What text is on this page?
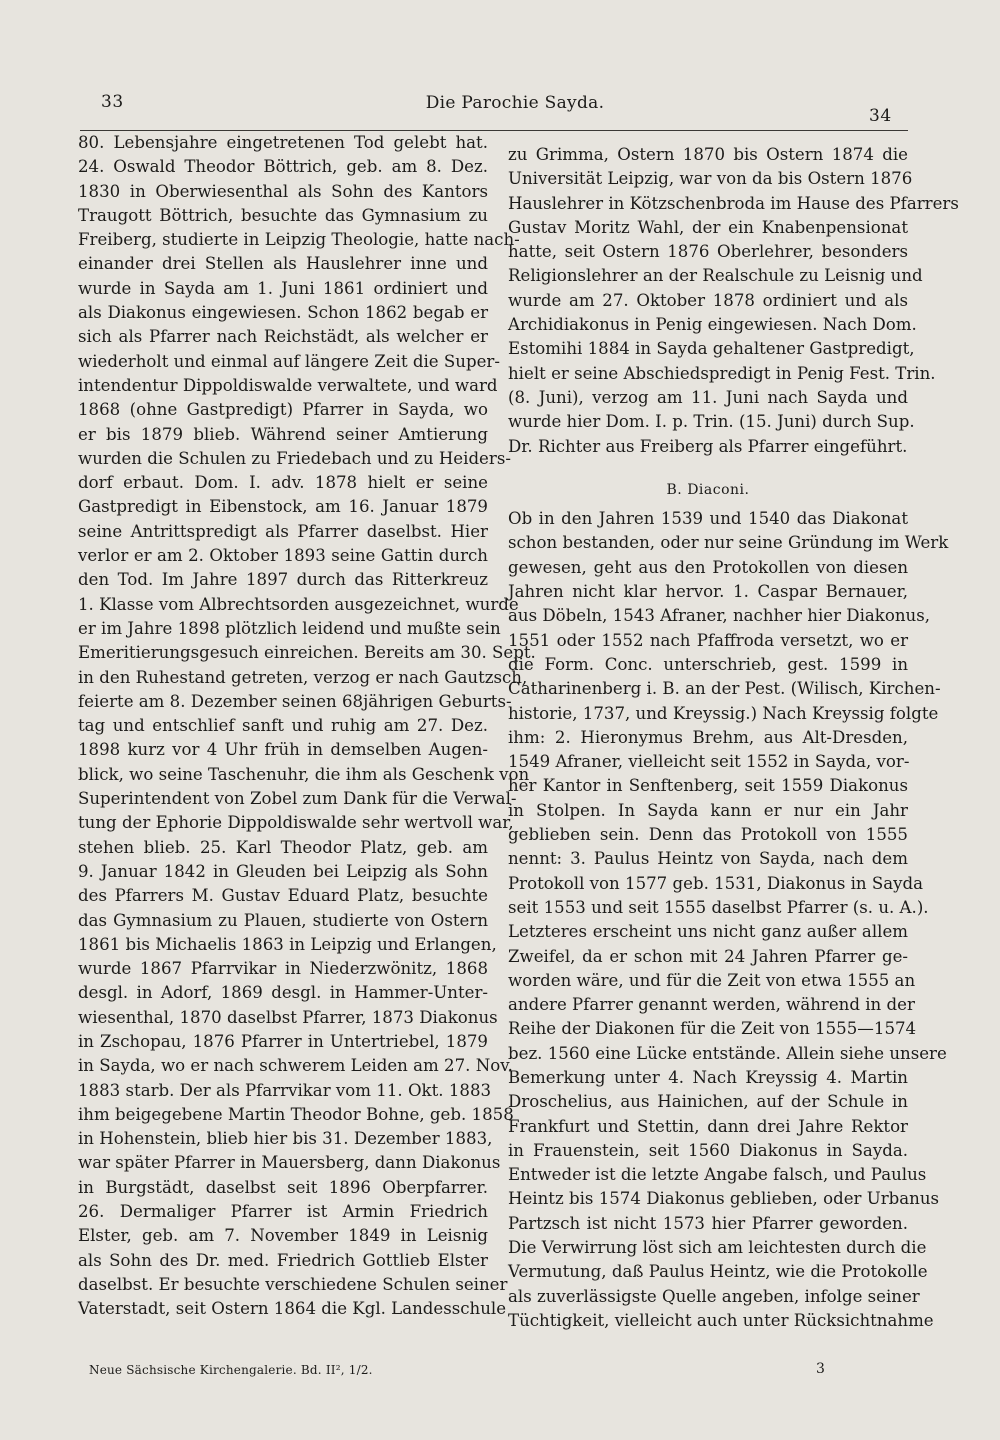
33	Die Parochie Sayda.
34
80. Lebensjahre eingetretenen Tod gelebt hat.
24. Oswald Theodor Böttrich, geb. am 8. Dez.
1830 in Oberwiesenthal als Sohn des Kantors
Traugott Böttrich, besuchte das Gymnasium zu
Freiberg, studierte in Leipzig Theologie, hatte nach-
einander drei Stellen als Hauslehrer inne und
wurde in Sayda am 1. Juni 1861 ordiniert und
als Diakonus eingewiesen. Schon 1862 begab er
sich als Pfarrer nach Reichstädt, als welcher er
wiederholt und einmal auf längere Zeit die Super-
intendentur Dippoldiswalde verwaltete, und ward
1868 (ohne Gastpredigt) Pfarrer in Sayda, wo
er bis 1879 blieb. Während seiner Amtierung
wurden die Schulen zu Friedebach und zu Heiders-
dorf erbaut. Dom. I. adv. 1878 hielt er seine
Gastpredigt in Eibenstock, am 16. Januar 1879
seine Antrittspredigt als Pfarrer daselbst. Hier
verlor er am 2. Oktober 1893 seine Gattin durch
den Tod. Im Jahre 1897 durch das Ritterkreuz
1. Klasse vom Albrechtsorden ausgezeichnet, wurde
er im Jahre 1898 plötzlich leidend und mußte sein
Emeritierungsgesuch einreichen. Bereits am 30. Sept.
in den Ruhestand getreten, verzog er nach Gautzsch,
feierte am 8. Dezember seinen 68jährigen Geburts-
tag und entschlief sanft und ruhig am 27. Dez.
1898 kurz vor 4 Uhr früh in demselben Augen-
blick, wo seine Taschenuhr, die ihm als Geschenk von
Superintendent von Zobel zum Dank für die Verwal-
tung der Ephorie Dippoldiswalde sehr wertvoll war,
stehen blieb. 25. Karl Theodor Platz, geb. am
9. Januar 1842 in Gleuden bei Leipzig als Sohn
des Pfarrers M. Gustav Eduard Platz, besuchte
das Gymnasium zu Plauen, studierte von Ostern
1861 bis Michaelis 1863 in Leipzig und Erlangen,
wurde 1867 Pfarrvikar in Niederzwönitz, 1868
desgl. in Adorf, 1869 desgl. in Hammer-Unter-
wiesenthal, 1870 daselbst Pfarrer, 1873 Diakonus
in Zschopau, 1876 Pfarrer in Untertriebel, 1879
in Sayda, wo er nach schwerem Leiden am 27. Nov.
1883 starb. Der als Pfarrvikar vom 11. Okt. 1883
ihm beigegebene Martin Theodor Bohne, geb. 1858
in Hohenstein, blieb hier bis 31. Dezember 1883,
war später Pfarrer in Mauersberg, dann Diakonus
in Burgstädt, daselbst seit 1896 Oberpfarrer.
26. Dermaliger Pfarrer ist Armin Friedrich
Elster, geb. am 7. November 1849 in Leisnig
als Sohn des Dr. med. Friedrich Gottlieb Elster
daselbst. Er besuchte verschiedene Schulen seiner
Vaterstadt, seit Ostern 1864 die Kgl. Landesschule
zu Grimma, Ostern 1870 bis Ostern 1874 die
Universität Leipzig, war von da bis Ostern 1876
Hauslehrer in Kötzschenbroda im Hause des Pfarrers
Gustav Moritz Wahl, der ein Knabenpensionat
hatte, seit Ostern 1876 Oberlehrer, besonders
Religionslehrer an der Realschule zu Leisnig und
wurde am 27. Oktober 1878 ordiniert und als
Archidiakonus in Penig eingewiesen. Nach Dom.
Estomihi 1884 in Sayda gehaltener Gastpredigt,
hielt er seine Abschiedspredigt in Penig Fest. Trin.
(8. Juni), verzog am 11. Juni nach Sayda und
wurde hier Dom. I. p. Trin. (15. Juni) durch Sup.
Dr. Richter aus Freiberg als Pfarrer eingeführt.
B. Diaconi.
Ob in den Jahren 1539 und 1540 das Diakonat
schon bestanden, oder nur seine Gründung im Werk
gewesen, geht aus den Protokollen von diesen
Jahren nicht klar hervor. 1. Caspar Bernauer,
aus Döbeln, 1543 Afraner, nachher hier Diakonus,
1551 oder 1552 nach Pfaffroda versetzt, wo er
die Form. Conc. unterschrieb, gest. 1599 in
Catharinenberg i. B. an der Pest. (Wilisch, Kirchen-
historie, 1737, und Kreyssig.) Nach Kreyssig folgte
ihm: 2. Hieronymus Brehm, aus Alt-Dresden,
1549 Afraner, vielleicht seit 1552 in Sayda, vor-
her Kantor in Senftenberg, seit 1559 Diakonus
in Stolpen. In Sayda kann er nur ein Jahr
geblieben sein. Denn das Protokoll von 1555
nennt: 3. Paulus Heintz von Sayda, nach dem
Protokoll von 1577 geb. 1531, Diakonus in Sayda
seit 1553 und seit 1555 daselbst Pfarrer (s. u. A.).
Letzteres erscheint uns nicht ganz außer allem
Zweifel, da er schon mit 24 Jahren Pfarrer ge-
worden wäre, und für die Zeit von etwa 1555 an
andere Pfarrer genannt werden, während in der
Reihe der Diakonen für die Zeit von 1555—1574
bez. 1560 eine Lücke entstände. Allein siehe unsere
Bemerkung unter 4. Nach Kreyssig 4. Martin
Droschelius, aus Hainichen, auf der Schule in
Frankfurt und Stettin, dann drei Jahre Rektor
in Frauenstein, seit 1560 Diakonus in Sayda.
Entweder ist die letzte Angabe falsch, und Paulus
Heintz bis 1574 Diakonus geblieben, oder Urbanus
Partzsch ist nicht 1573 hier Pfarrer geworden.
Die Verwirrung löst sich am leichtesten durch die
Vermutung, daß Paulus Heintz, wie die Protokolle
als zuverlässigste Quelle angeben, infolge seiner
Tüchtigkeit, vielleicht auch unter Rücksichtnahme
Neue Sächsische Kirchengalerie. Bd. II², 1/2.	3
